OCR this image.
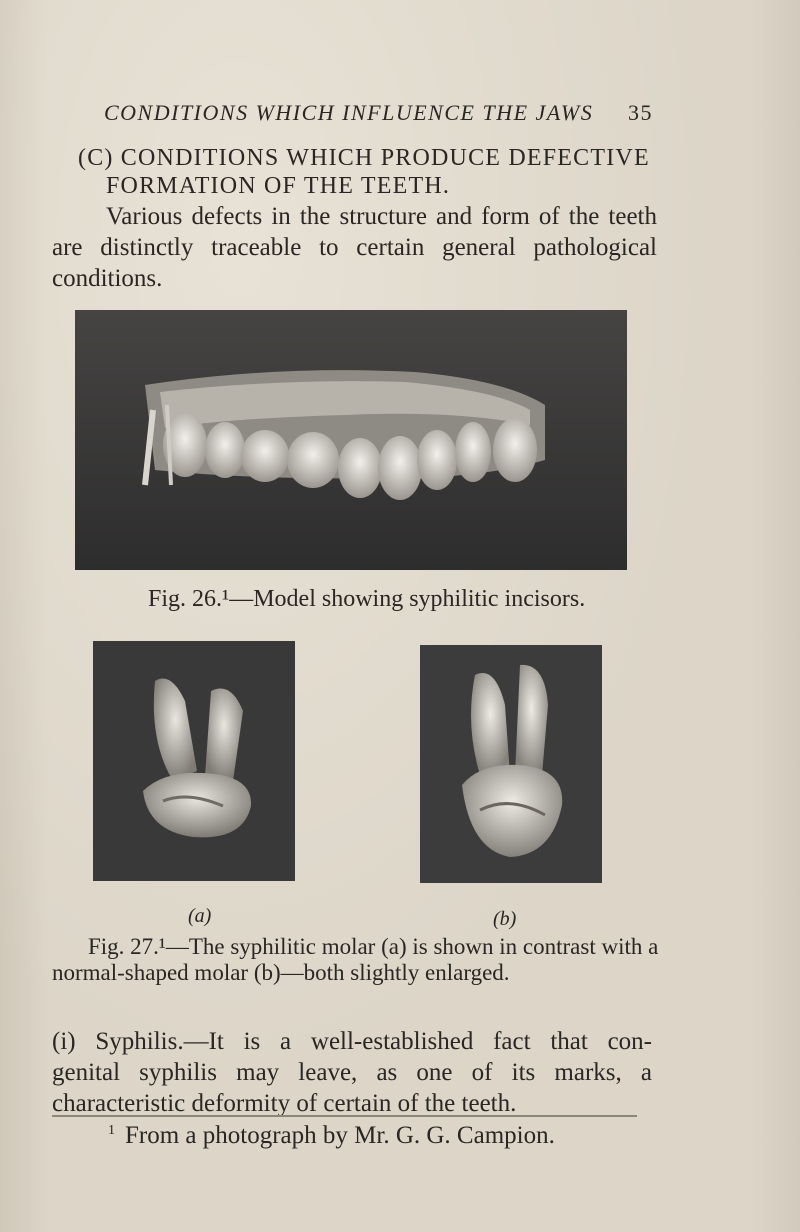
CONDITIONS WHICH INFLUENCE THE JAWS 35
(C) CONDITIONS WHICH PRODUCE DEFECTIVE
FORMATION OF THE TEETH.
Various defects in the structure and form of the teeth
are distinctly traceable to certain general pathological
conditions.
Fig. 26.¹—Model showing syphilitic incisors.
(a)	(b)
Fig. 27.¹—The syphilitic molar (a) is shown in contrast with a
normal-shaped molar (b)—both slightly enlarged.
(i) Syphilis.—It is a well-established fact that con-
genital syphilis may leave, as one of its marks, a
characteristic deformity of certain of the teeth.
$^1$ From a photograph by Mr. G. G. Campion.
